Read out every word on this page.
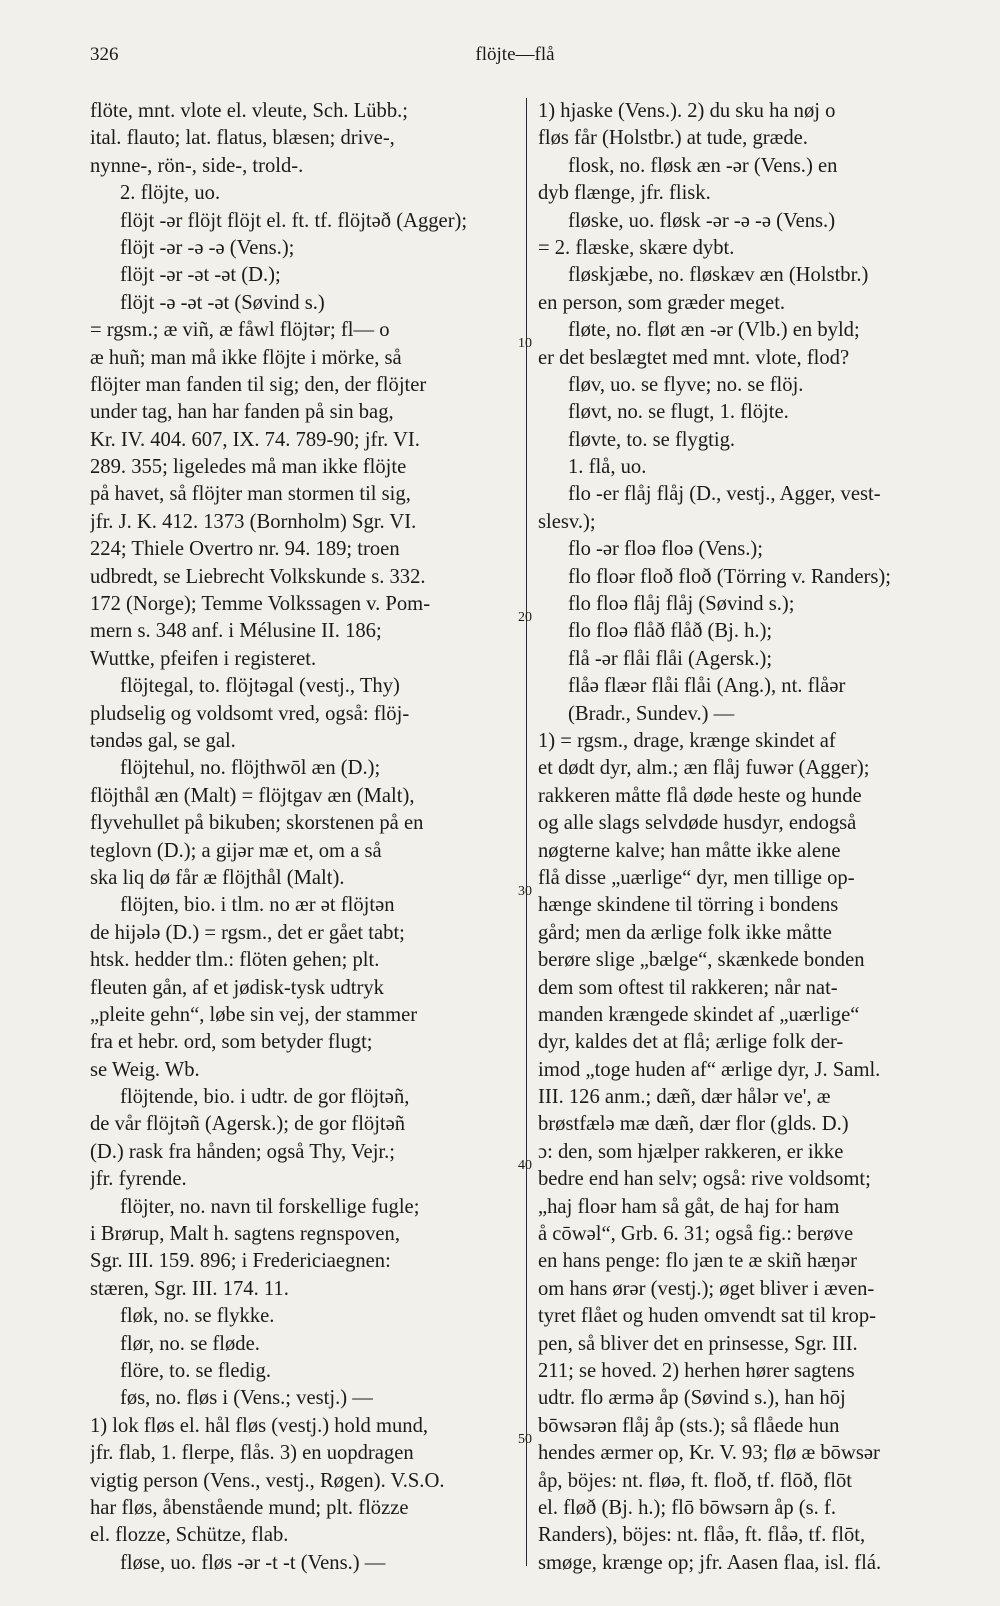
326	flöjte—flå
flöte, mnt. vlote el. vleute, Sch. Lübb.;
ital. flauto; lat. flatus, blæsen; drive-,
nynne-, rön-, side-, trold-.
2. flöjte, uo.
flöjt -ər flöjt flöjt el. ft. tf. flöjtəð (Agger);
flöjt -ər -ə -ə (Vens.);
flöjt -ər -ət -ət (D.);
flöjt -ə -ət -ət (Søvind s.)
= rgsm.; æ viñ, æ fåwl flöjtər; fl— o
æ huñ; man må ikke flöjte i mörke, så
flöjter man fanden til sig; den, der flöjter
under tag, han har fanden på sin bag,
Kr. IV. 404. 607, IX. 74. 789-90; jfr. VI.
289. 355; ligeledes må man ikke flöjte
på havet, så flöjter man stormen til sig,
jfr. J. K. 412. 1373 (Bornholm) Sgr. VI.
224; Thiele Overtro nr. 94. 189; troen
udbredt, se Liebrecht Volkskunde s. 332.
172 (Norge); Temme Volkssagen v. Pom-
mern s. 348 anf. i Mélusine II. 186;
Wuttke, pfeifen i registeret.
flöjtegal, to. flöjtəgal (vestj., Thy)
pludselig og voldsomt vred, også: flöj-
təndəs gal, se gal.
flöjtehul, no. flöjthwōl æn (D.);
flöjthål æn (Malt) = flöjtgav æn (Malt),
flyvehullet på bikuben; skorstenen på en
teglovn (D.); a gijər mæ et, om a så
ska liq dø får æ flöjthål (Malt).
flöjten, bio. i tlm. no ær ət flöjtən
de hijələ (D.) = rgsm., det er gået tabt;
htsk. hedder tlm.: flöten gehen; plt.
fleuten gån, af et jødisk-tysk udtryk
„pleite gehn“, løbe sin vej, der stammer
fra et hebr. ord, som betyder flugt;
se Weig. Wb.
flöjtende, bio. i udtr. de gor flöjtəñ,
de vår flöjtəñ (Agersk.); de gor flöjtəñ
(D.) rask fra hånden; også Thy, Vejr.;
jfr. fyrende.
flöjter, no. navn til forskellige fugle;
i Brørup, Malt h. sagtens regnspoven,
Sgr. III. 159. 896; i Fredericiaegnen:
stæren, Sgr. III. 174. 11.
fløk, no. se flykke.
flør, no. se fløde.
flöre, to. se fledig.
føs, no. fløs i (Vens.; vestj.) —
1) lok fløs el. hål fløs (vestj.) hold mund,
jfr. flab, 1. flerpe, flås. 3) en uopdragen
vigtig person (Vens., vestj., Røgen). V.S.O.
har fløs, åbenstående mund; plt. flözze
el. flozze, Schütze, flab.
fløse, uo. fløs -ər -t -t (Vens.) —
1) hjaske (Vens.). 2) du sku ha nøj o
fløs får (Holstbr.) at tude, græde.
flosk, no. fløsk æn -ər (Vens.) en
dyb flænge, jfr. flisk.
fløske, uo. fløsk -ər -ə -ə (Vens.)
= 2. flæske, skære dybt.
fløskjæbe, no. fløskæv æn (Holstbr.)
en person, som græder meget.
fløte, no. fløt æn -ər (Vlb.) en byld;
er det beslægtet med mnt. vlote, flod?
fløv, uo. se flyve; no. se flöj.
fløvt, no. se flugt, 1. flöjte.
fløvte, to. se flygtig.
1. flå, uo.
flo -er flåj flåj (D., vestj., Agger, vest-
slesv.);
flo -ər floə floə (Vens.);
flo floər floð floð (Törring v. Randers);
flo floə flåj flåj (Søvind s.);
flo floə flåð flåð (Bj. h.);
flå -ər flåi flåi (Agersk.);
flåə flæər flåi flåi (Ang.), nt. flåər
(Bradr., Sundev.) —
1) = rgsm., drage, krænge skindet af
et dødt dyr, alm.; æn flåj fuwər (Agger);
rakkeren måtte flå døde heste og hunde
og alle slags selvdøde husdyr, endogså
nøgterne kalve; han måtte ikke alene
flå disse „uærlige“ dyr, men tillige op-
hænge skindene til törring i bondens
gård; men da ærlige folk ikke måtte
berøre slige „bælge“, skænkede bonden
dem som oftest til rakkeren; når nat-
manden krængede skindet af „uærlige“
dyr, kaldes det at flå; ærlige folk der-
imod „toge huden af“ ærlige dyr, J. Saml.
III. 126 anm.; dæñ, dær hålər ve', æ
brøstfælə mæ dæñ, dær flor (glds. D.)
ɔ: den, som hjælper rakkeren, er ikke
bedre end han selv; også: rive voldsomt;
„haj floər ham så gåt, de haj for ham
å cōwəl“, Grb. 6. 31; også fig.: berøve
en hans penge: flo jæn te æ skiñ hæŋər
om hans ørər (vestj.); øget bliver i æven-
tyret flået og huden omvendt sat til krop-
pen, så bliver det en prinsesse, Sgr. III.
211; se hoved. 2) herhen hører sagtens
udtr. flo ærmə åp (Søvind s.), han hōj
bōwsərən flåj åp (sts.); så flåede hun
hendes ærmer op, Kr. V. 93; flø æ bōwsər
åp, böjes: nt. fløə, ft. floð, tf. flōð, flōt
el. fløð (Bj. h.); flō bōwsərn åp (s. f.
Randers), böjes: nt. flåə, ft. flåə, tf. flōt,
smøge, krænge op; jfr. Aasen flaa, isl. flá.
10
20
30
40
50
